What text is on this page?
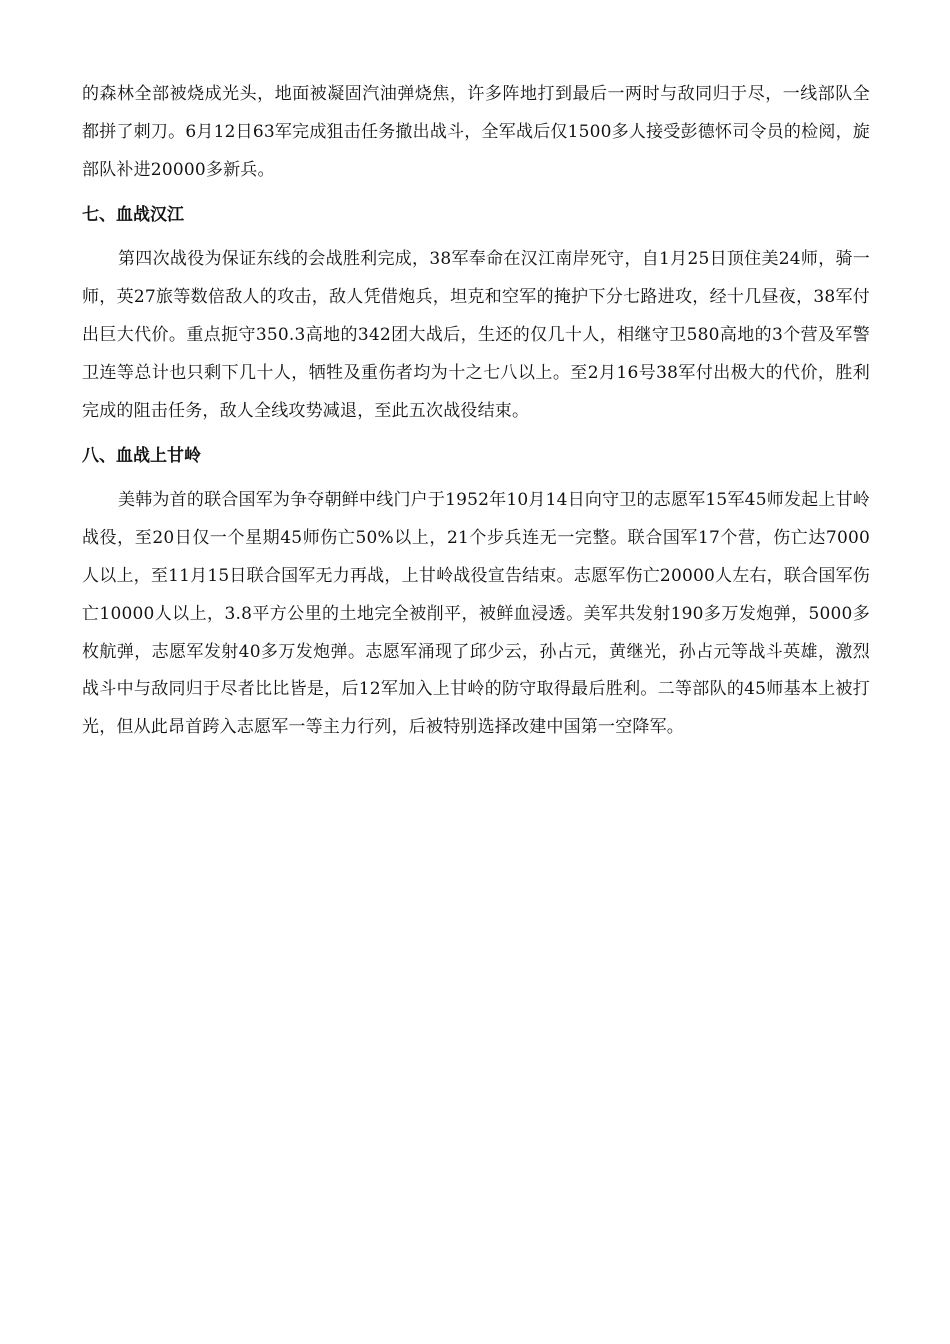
的森林全部被烧成光头，地面被凝固汽油弹烧焦，许多阵地打到最后一两时与敌同归于尽，一线部队全都拼了刺刀。6月12日63军完成狙击任务撤出战斗，全军战后仅1500多人接受彭德怀司令员的检阅，旋部队补进20000多新兵。

七、血战汉江

第四次战役为保证东线的会战胜利完成，38军奉命在汉江南岸死守，自1月25日顶住美24师，骑一师，英27旅等数倍敌人的攻击，敌人凭借炮兵，坦克和空军的掩护下分七路进攻，经十几昼夜，38军付出巨大代价。重点扼守350.3高地的342团大战后，生还的仅几十人，相继守卫580高地的3个营及军警卫连等总计也只剩下几十人，牺牲及重伤者均为十之七八以上。至2月16号38军付出极大的代价，胜利完成的阻击任务，敌人全线攻势减退，至此五次战役结束。

八、血战上甘岭

美韩为首的联合国军为争夺朝鲜中线门户于1952年10月14日向守卫的志愿军15军45师发起上甘岭战役，至20日仅一个星期45师伤亡50%以上，21个步兵连无一完整。联合国军17个营，伤亡达7000人以上，至11月15日联合国军无力再战，上甘岭战役宣告结束。志愿军伤亡20000人左右，联合国军伤亡10000人以上，3.8平方公里的土地完全被削平，被鲜血浸透。美军共发射190多万发炮弹，5000多枚航弹，志愿军发射40多万发炮弹。志愿军涌现了邱少云，孙占元，黄继光，孙占元等战斗英雄，激烈战斗中与敌同归于尽者比比皆是，后12军加入上甘岭的防守取得最后胜利。二等部队的45师基本上被打光，但从此昂首跨入志愿军一等主力行列，后被特别选择改建中国第一空降军。
